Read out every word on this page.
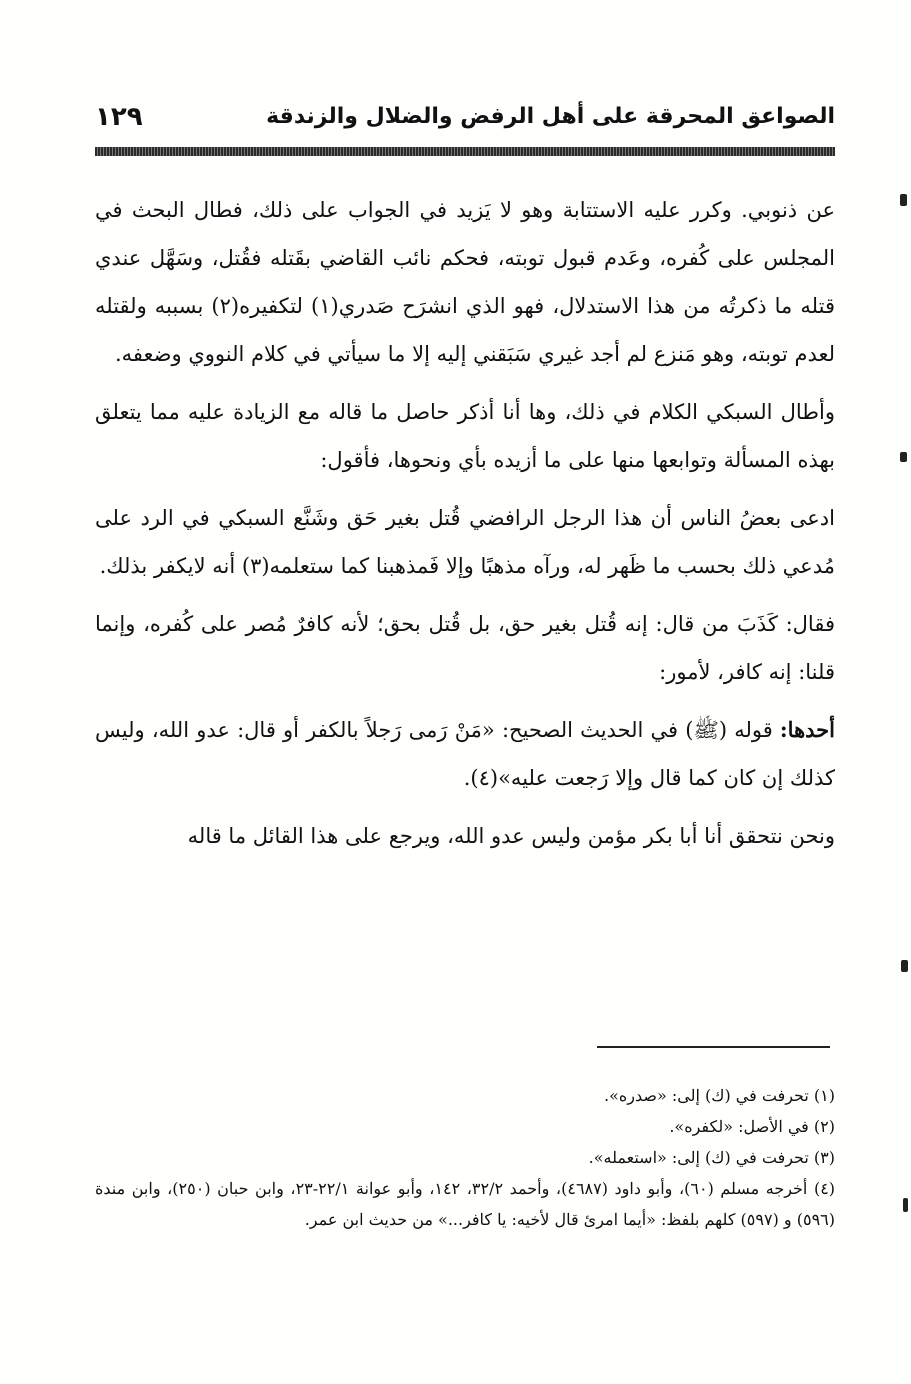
الصواعق المحرقة على أهل الرفض والضلال والزندقة
١٢٩

عن ذنوبي. وكرر عليه الاستتابة وهو لا يَزيد في الجواب على ذلك، فطال البحث في المجلس على كُفره، وعَدم قبول توبته، فحكم نائب القاضي بقَتله فقُتل، وسَهَّل عندي قتله ما ذكرتُه من هذا الاستدلال، فهو الذي انشرَح صَدري(١) لتكفيره(٢) بسببه ولقتله لعدم توبته، وهو مَنزع لم أجد غيري سَبَقني إليه إلا ما سيأتي في كلام النووي وضعفه.

وأطال السبكي الكلام في ذلك، وها أنا أذكر حاصل ما قاله مع الزيادة عليه مما يتعلق بهذه المسألة وتوابعها منها على ما أزيده بأي ونحوها، فأقول:

ادعى بعضُ الناس أن هذا الرجل الرافضي قُتل بغير حَق وشَنَّع السبكي في الرد على مُدعي ذلك بحسب ما ظَهر له، ورآه مذهبًا وإلا فَمذهبنا كما ستعلمه(٣) أنه لايكفر بذلك.

فقال: كَذَبَ من قال: إنه قُتل بغير حق، بل قُتل بحق؛ لأنه كافرٌ مُصر على كُفره، وإنما قلنا: إنه كافر، لأمور:

أحدها: قوله (ﷺ) في الحديث الصحيح: «مَنْ رَمى رَجلاً بالكفر أو قال: عدو الله، وليس كذلك إن كان كما قال وإلا رَجعت عليه»(٤).

ونحن نتحقق أنا أبا بكر مؤمن وليس عدو الله، ويرجع على هذا القائل ما قاله

(١) تحرفت في (ك) إلى: «صدره».

(٢) في الأصل: «لكفره».

(٣) تحرفت في (ك) إلى: «استعمله».

(٤) أخرجه مسلم (٦٠)، وأبو داود (٤٦٨٧)، وأحمد ٣٢/٢، ١٤٢، وأبو عوانة ٢٢/١-٢٣، وابن حبان (٢٥٠)، وابن مندة (٥٩٦) و (٥٩٧) كلهم بلفظ: «أيما امرئ قال لأخيه: يا كافر...» من حديث ابن عمر.
